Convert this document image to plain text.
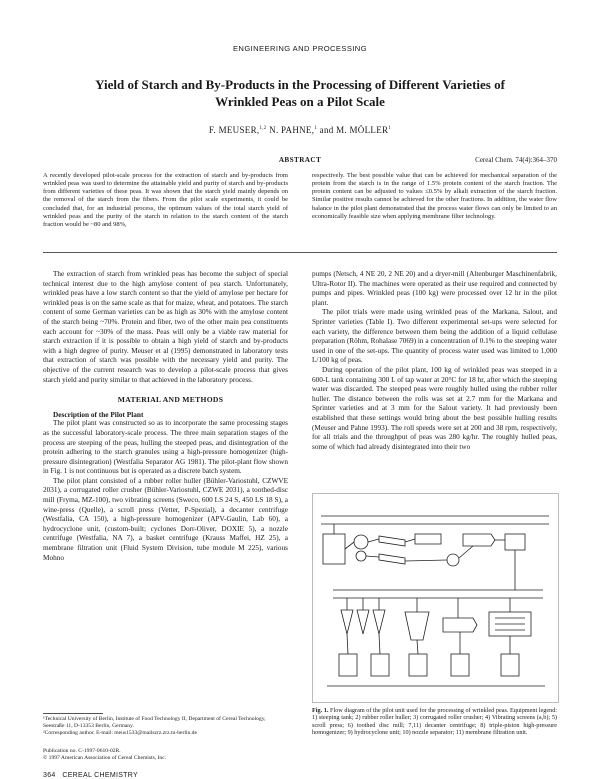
ENGINEERING AND PROCESSING
Yield of Starch and By-Products in the Processing of Different Varieties of
Wrinkled Peas on a Pilot Scale
F. MEUSER,$^{1,2}$ N. PAHNE,$^1$ and M. MÖLLER$^1$
ABSTRACT	Cereal Chem. 74(4):364–370
A recently developed pilot-scale process for the extraction of starch and by-products from wrinkled peas was used to determine the attainable yield and purity of starch and by-products from different varieties of these peas. It was shown that the starch yield mainly depends on the removal of the starch from the fibers. From the pilot scale experiments, it could be concluded that, for an industrial process, the optimum values of the total starch yield of wrinkled peas and the purity of the starch in relation to the starch content of the starch fraction would be ~80 and 98%,
respectively. The best possible value that can be achieved for mechanical separation of the protein from the starch is in the range of 1.5% protein content of the starch fraction. The protein content can be adjusted to values ≤0.5% by alkali extraction of the starch fraction. Similar positive results cannot be achieved for the other fractions. In addition, the water flow balance in the pilot plant demonstrated that the process water flows can only be limited to an economically feasible size when applying membrane filter technology.

The extraction of starch from wrinkled peas has become the subject of special technical interest due to the high amylose content of pea starch. Unfortunately, wrinkled peas have a low starch content so that the yield of amylose per hectare for wrinkled peas is on the same scale as that for maize, wheat, and potatoes. The starch content of some German varieties can be as high as 30% with the amylose content of the starch being ~70%. Protein and fiber, two of the other main pea constituents each account for ~30% of the mass. Peas will only be a viable raw material for starch extraction if it is possible to obtain a high yield of starch and by-products with a high degree of purity. Meuser et al (1995) demonstrated in laboratory tests that extraction of starch was possible with the necessary yield and purity. The objective of the current research was to develop a pilot-scale process that gives starch yield and purity similar to that achieved in the laboratory process.

MATERIAL AND METHODS

Description of the Pilot Plant

The pilot plant was constructed so as to incorporate the same processing stages as the successful laboratory-scale process. The three main separation stages of the process are steeping of the peas, hulling the steeped peas, and disintegration of the protein adhering to the starch granules using a high-pressure homogenizer (high-pressure disintegration) (Westfalia Separator AG 1981). The pilot-plant flow shown in Fig. 1 is not continuous but is operated as a discrete batch system.

The pilot plant consisted of a rubber roller huller (Bühler-Variostuhl, CZWVE 2031), a corrugated roller crusher (Bühler-Variostuhl, CZWE 2031), a toothed-disc mill (Fryma, MZ-100), two vibrating screens (Sweco, 600 LS 24 S, 450 LS 18 S), a wine-press (Quelle), a scroll press (Vetter, P-Spezial), a decanter centrifuge (Westfalia, CA 150), a high-pressure homogenizer (APV-Gaulin, Lab 60), a hydrocyclone unit, (custom-built; cyclones Dorr-Oliver, DOXIE 5), a nozzle centrifuge (Westfalia, NA 7), a basket centrifuge (Krauss Maffei, HZ 25), a membrane filtration unit (Fluid System Division, tube module M 225), various Mohno

pumps (Netsch, 4 NE 20, 2 NE 20) and a dryer-mill (Altenburger Maschinenfabrik, Ultra-Rotor II). The machines were operated as their use required and connected by pumps and pipes. Wrinkled peas (100 kg) were processed over 12 hr in the pilot plant.

The pilot trials were made using wrinkled peas of the Markana, Salout, and Sprinter varieties (Table I). Two different experimental set-ups were selected for each variety, the difference between them being the addition of a liquid cellulase preparation (Röhm, Rohalase 7069) in a concentration of 0.1% to the steeping water used in one of the set-ups. The quantity of process water used was limited to 1,000 L/100 kg of peas.

During operation of the pilot plant, 100 kg of wrinkled peas was steeped in a 600-L tank containing 300 L of tap water at 20°C for 18 hr, after which the steeping water was discarded. The steeped peas were roughly hulled using the rubber roller huller. The distance between the rolls was set at 2.7 mm for the Markana and Sprinter varieties and at 3 mm for the Salout variety. It had previously been established that these settings would bring about the best possible hulling results (Meuser and Pahne 1993). The roll speeds were set at 200 and 38 rpm, respectively, for all trials and the throughput of peas was 280 kg/hr. The roughly hulled peas, some of which had already disintegrated into their two

Fig. 1. Flow diagram of the pilot unit used for the processing of wrinkled peas. Equipment legend: 1) steeping tank; 2) rubber roller huller; 3) corrugated roller crusher; 4) Vibrating screens (a,b); 5) scroll press; 6) toothed disc mill; 7,11) decanter centrifuge; 8) triple-piston high-pressure homogenizer; 9) hydrocyclone unit; 10) nozzle separator; 11) membrane filtration unit.
¹Technical University of Berlin, Institute of Food Technology II, Department of Cereal Technology, Seestraße 11, D-13353 Berlin, Germany.
²Corresponding author. E-mail: meus1533@mailszrz.zrz.tu-berlin.de
Publication no. C-1997-0610-02R.
© 1997 American Association of Cereal Chemists, Inc.
364 CEREAL CHEMISTRY
